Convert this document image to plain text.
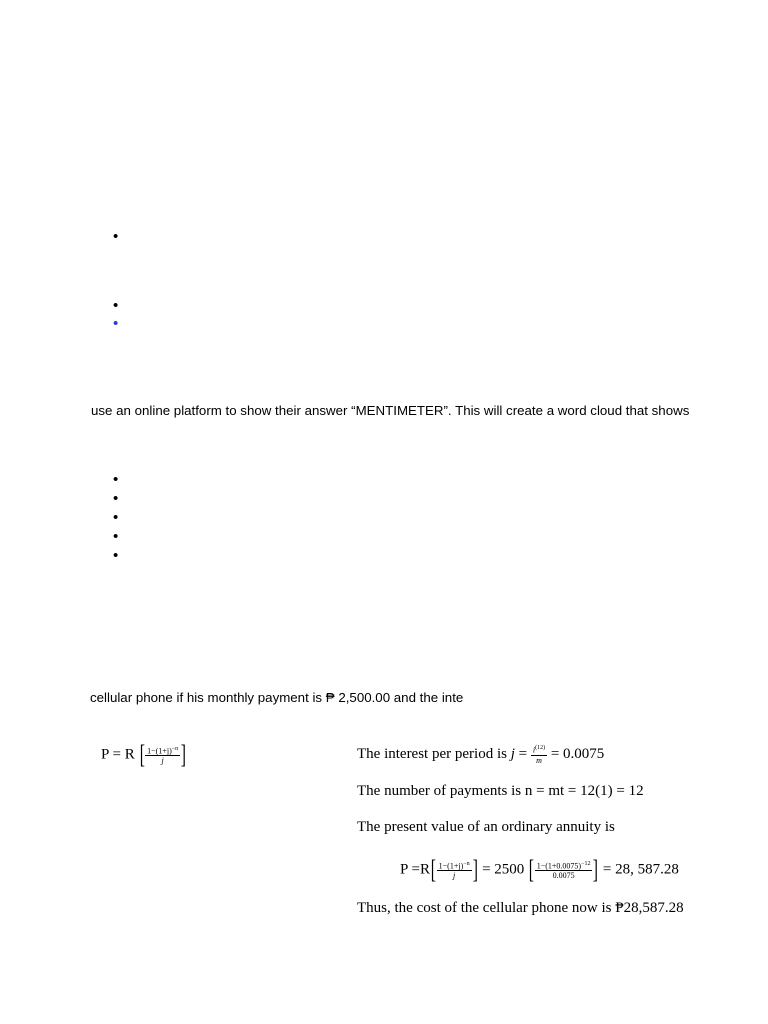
•
•
•
use an online platform to show their answer “MENTIMETER”. This will create a word cloud that shows
•
•
•
•
•
cellular phone if his monthly payment is ₱ 2,500.00 and the inte
P = R [ $\frac{1-(1+j)^{-n}}{j}$ ]	The interest per period is $j = \frac{i^{(12)}}{m} = 0.0075$
The number of payments is n = mt = 12(1) = 12
The present value of an ordinary annuity is
$P =R[ \frac{1-(1+j)^{-n}}{j}$ ] = 2500 [ $\frac{1-(1+0.0075)^{-12}}{0.0075}$ ] = 28, 587.28
Thus, the cost of the cellular phone now is ₱28,587.28
